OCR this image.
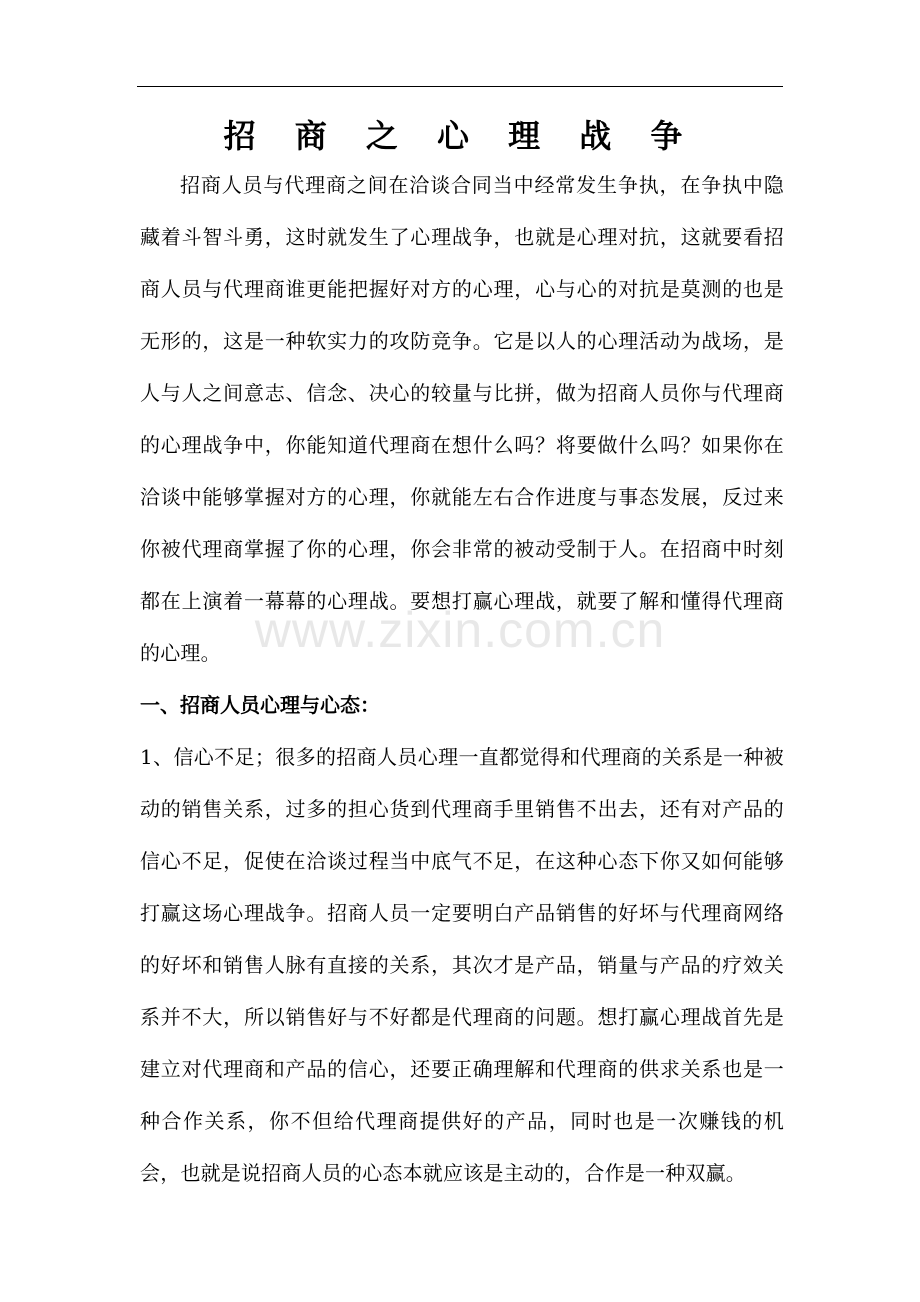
招 商 之 心 理 战 争

招商人员与代理商之间在洽谈合同当中经常发生争执，在争执中隐藏着斗智斗勇，这时就发生了心理战争，也就是心理对抗，这就要看招商人员与代理商谁更能把握好对方的心理，心与心的对抗是莫测的也是无形的，这是一种软实力的攻防竞争。它是以人的心理活动为战场，是人与人之间意志、信念、决心的较量与比拼，做为招商人员你与代理商的心理战争中，你能知道代理商在想什么吗？将要做什么吗？如果你在洽谈中能够掌握对方的心理，你就能左右合作进度与事态发展，反过来你被代理商掌握了你的心理，你会非常的被动受制于人。在招商中时刻都在上演着一幕幕的心理战。要想打赢心理战，就要了解和懂得代理商的心理。

一、招商人员心理与心态：

1、信心不足；很多的招商人员心理一直都觉得和代理商的关系是一种被动的销售关系，过多的担心货到代理商手里销售不出去，还有对产品的信心不足，促使在洽谈过程当中底气不足，在这种心态下你又如何能够打赢这场心理战争。招商人员一定要明白产品销售的好坏与代理商网络的好坏和销售人脉有直接的关系，其次才是产品，销量与产品的疗效关系并不大，所以销售好与不好都是代理商的问题。想打赢心理战首先是建立对代理商和产品的信心，还要正确理解和代理商的供求关系也是一种合作关系，你不但给代理商提供好的产品，同时也是一次赚钱的机会，也就是说招商人员的心态本就应该是主动的，合作是一种双赢。

www.zixin.com.cn
